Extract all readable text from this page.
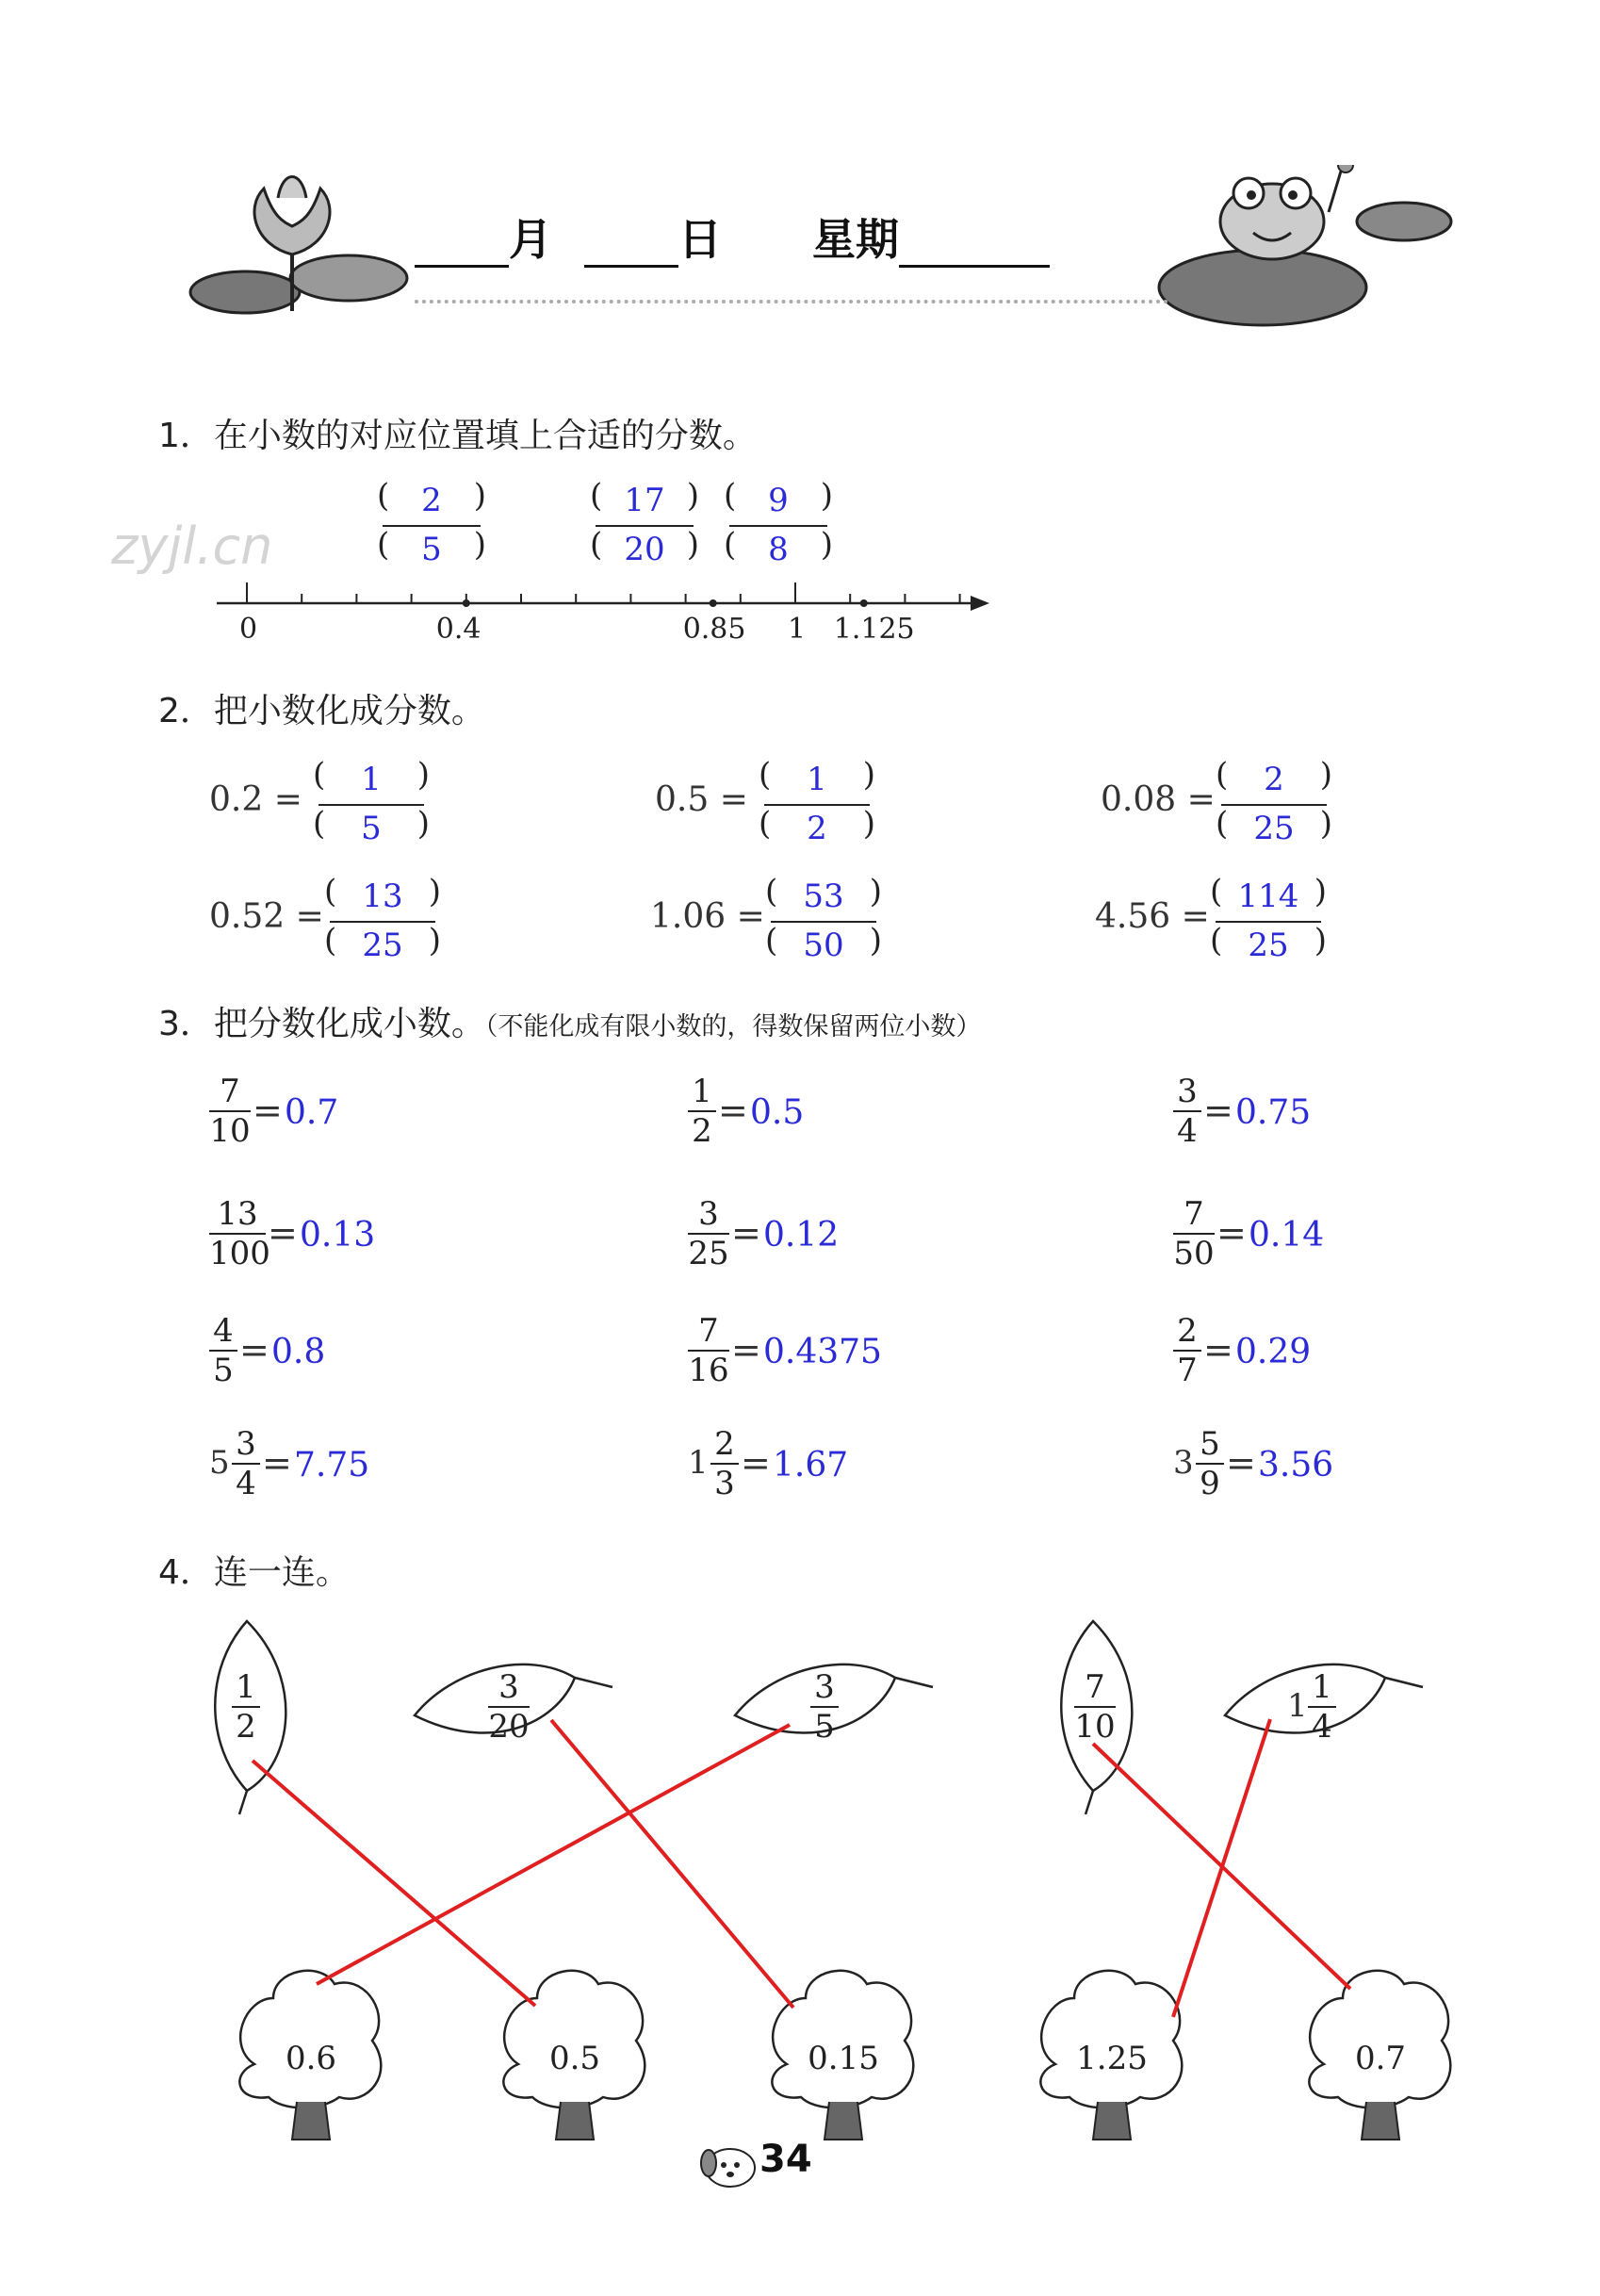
月	日 星期
zyjl.cn
1．在小数的对应位置填上合适的分数。
(	)
(	)
2
5
(	)
(	)
17
20
(	)
(	)
9
8
0	0.4	0.85 1 1.125
2．把小数化成分数。
0.2 =
(	)
(	)
1
5
0.5 =
(	)
(	)
1
2
0.08 =
(	)
(	)
2
25
0.52 =
(	)
(	)
13
25
1.06 =
(	)
(	)
53
50
4.56 =
(	)
(	)
114
25
3．把分数化成小数。（不能化成有限小数的，得数保留两位小数）
$\frac{7}{10} = 0.7$	$\frac{1}{2} = 0.5$	$\frac{3}{4} = 0.75$
$\frac{13}{100} = 0.13$	$\frac{3}{25} = 0.12$	$\frac{7}{50} = 0.14$
$\frac{4}{5} = 0.8$	$\frac{7}{16} = 0.4375$	$\frac{2}{7} = 0.29$
$5 \frac{3}{4} = 7.75$	$1 \frac{2}{3} = 1.67$	$3 \frac{5}{9} = 3.56$
4．连一连。
$\frac{1}{2}$	$\frac{3}{20}$	$\frac{3}{5}$	$\frac{7}{10}$	$1 \frac{1}{4}$
0.6	0.5	0.15	1.25	0.7
34
